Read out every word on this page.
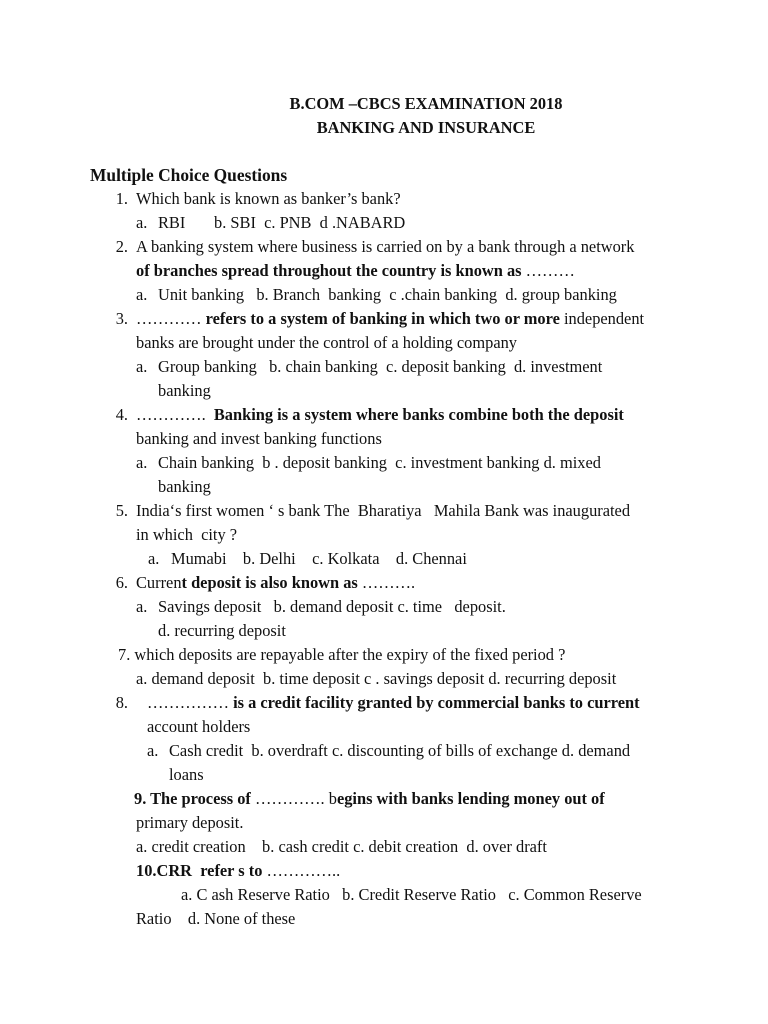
B.COM –CBCS EXAMINATION 2018
BANKING AND INSURANCE
Multiple Choice Questions
1. Which bank is known as banker’s bank?
a. RBI       b. SBI  c. PNB  d .NABARD
2. A banking system where business is carried on by a bank through a network
of branches spread throughout the country is known as ………
a. Unit banking   b. Branch  banking  c .chain banking  d. group banking
3. ………… refers to a system of banking in which two or more independent
banks are brought under the control of a holding company
a. Group banking   b. chain banking  c. deposit banking  d. investment
banking
4. ………….  Banking is a system where banks combine both the deposit
banking and invest banking functions
a. Chain banking  b . deposit banking  c. investment banking d. mixed
banking
5. India‘s first women ‘ s bank The  Bharatiya   Mahila Bank was inaugurated
in which  city ?
a. Mumabi    b. Delhi    c. Kolkata    d. Chennai
6. Current deposit is also known as ……….
a. Savings deposit   b. demand deposit c. time   deposit.
d. recurring deposit
7. which deposits are repayable after the expiry of the fixed period ?
a. demand deposit  b. time deposit c . savings deposit d. recurring deposit
8. …………… is a credit facility granted by commercial banks to current
account holders
a. Cash credit  b. overdraft c. discounting of bills of exchange d. demand
loans
9. The process of …………. begins with banks lending money out of
primary deposit.
a. credit creation    b. cash credit c. debit creation  d. over draft
10.CRR  refer s to …………..
a. C ash Reserve Ratio   b. Credit Reserve Ratio   c. Common Reserve
Ratio    d. None of these
